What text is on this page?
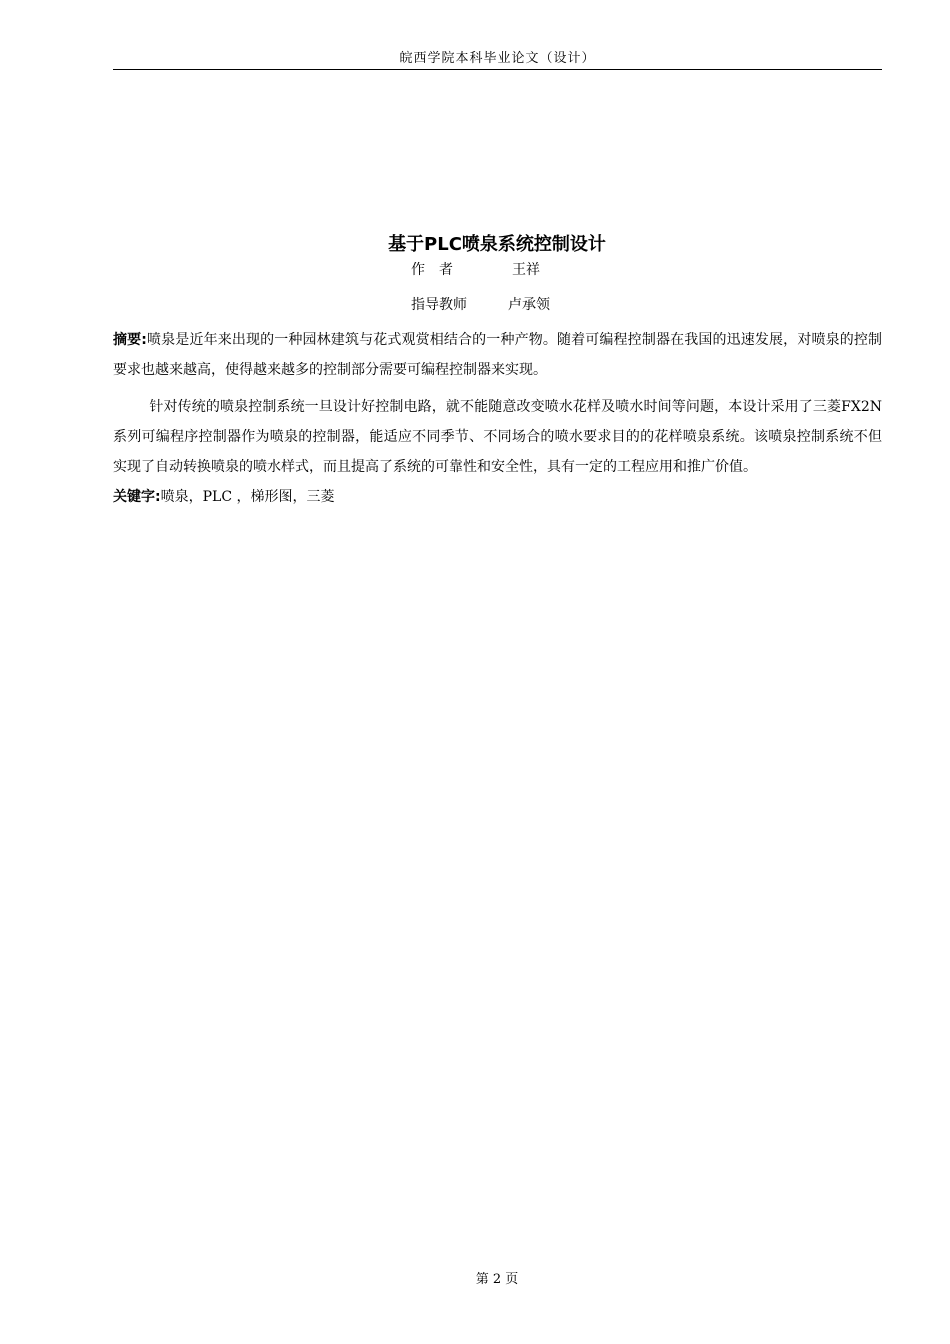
皖西学院本科毕业论文（设计）
基于PLC喷泉系统控制设计
作　者	王祥
指导教师	卢承领

摘要:喷泉是近年来出现的一种园林建筑与花式观赏相结合的一种产物。随着可编程控制器在我国的迅速发展，对喷泉的控制要求也越来越高，使得越来越多的控制部分需要可编程控制器来实现。

针对传统的喷泉控制系统一旦设计好控制电路，就不能随意改变喷水花样及喷水时间等问题，本设计采用了三菱FX2N系列可编程序控制器作为喷泉的控制器，能适应不同季节、不同场合的喷水要求目的的花样喷泉系统。该喷泉控制系统不但实现了自动转换喷泉的喷水样式，而且提高了系统的可靠性和安全性，具有一定的工程应用和推广价值。

关键字:喷泉，PLC ，梯形图，三菱

第 2 页
